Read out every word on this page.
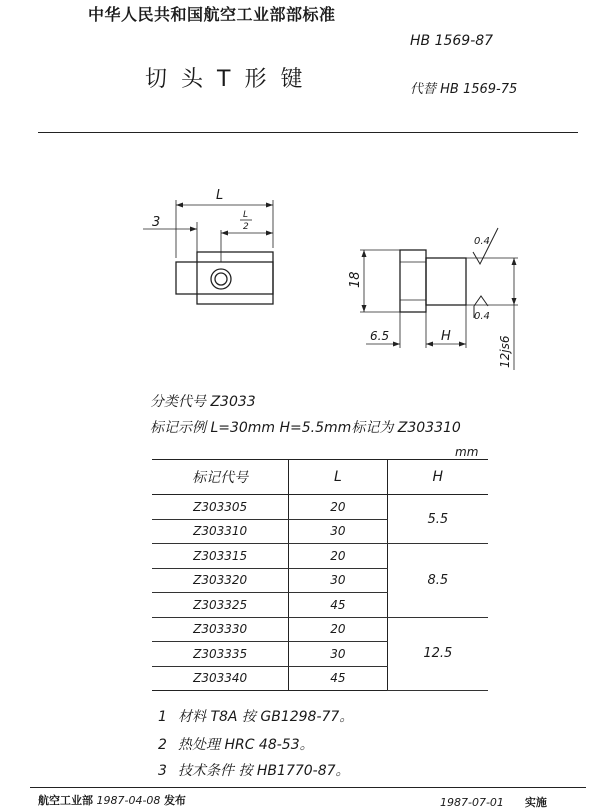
中华人民共和国航空工业部部标准
HB 1569-87
切头T形键	代替 HB 1569-75
L
L
2
3
18
6.5	H	12js6
0.4
0.4
分类代号 Z3033
标记示例 L=30mm H=5.5mm标记为 Z303310
mm
标记代号	L	H
Z303305	20	5.5
Z303310	30	
Z303315	20	8.5
Z303320	30	
Z303325	45	
Z303330	20	12.5
Z303335	30	
Z303340	45	
1 材料 T8A 按 GB1298-77。
2 热处理 HRC 48-53。
3 技术条件 按 HB1770-87。
航空工业部 1987-04-08 发布	1987-07-01 实施
